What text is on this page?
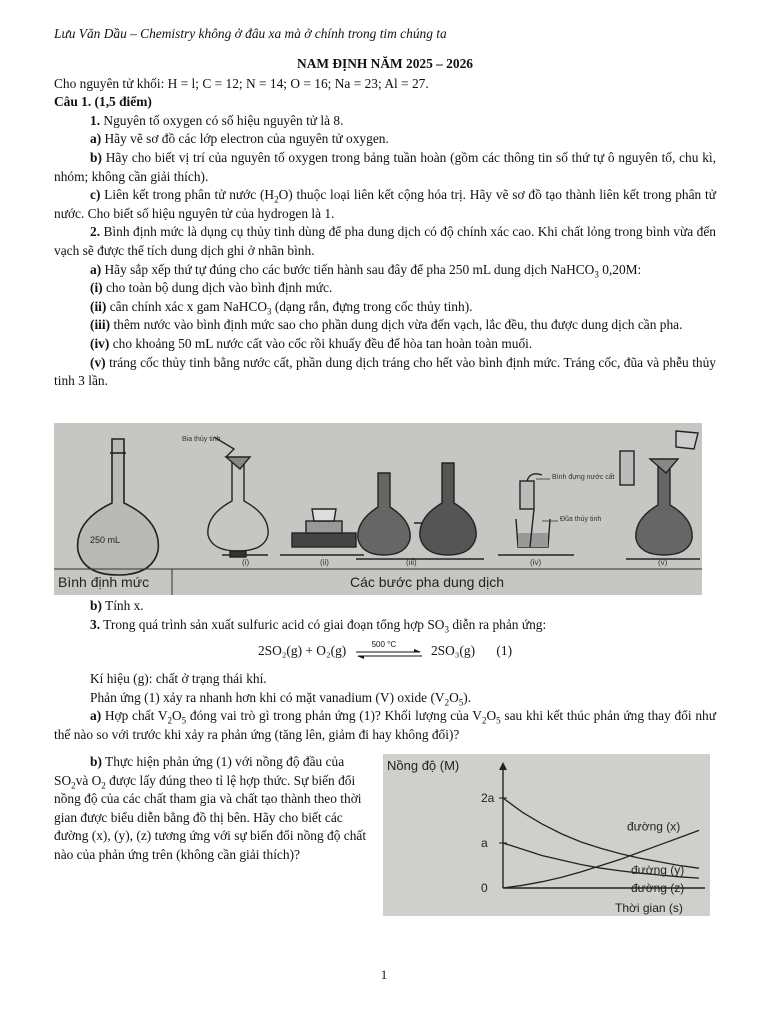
Lưu Văn Dầu – Chemistry không ở đâu xa mà ở chính trong tim chúng ta

NAM ĐỊNH NĂM 2025 – 2026

Cho nguyên tử khối: H = l; C = 12; N = 14; O = 16; Na = 23; Al = 27.

Câu 1. (1,5 điểm)

1. Nguyên tố oxygen có số hiệu nguyên tử là 8.

a) Hãy vẽ sơ đồ các lớp electron của nguyên tử oxygen.

b) Hãy cho biết vị trí của nguyên tố oxygen trong bảng tuần hoàn (gồm các thông tin số thứ tự ô nguyên tố, chu kì, nhóm; không cần giải thích).

c) Liên kết trong phân tử nước $(H_2O)$ thuộc loại liên kết cộng hóa trị. Hãy vẽ sơ đồ tạo thành liên kết trong phân tử nước. Cho biết số hiệu nguyên tử của hydrogen là 1.

2. Bình định mức là dụng cụ thủy tinh dùng để pha dung dịch có độ chính xác cao. Khi chất lỏng trong bình vừa đến vạch sẽ được thể tích dung dịch ghi ở nhãn bình.

a) Hãy sắp xếp thứ tự đúng cho các bước tiến hành sau đây để pha 250 mL dung dịch NaHCO$_3$ 0,20M:

(i) cho toàn bộ dung dịch vào bình định mức.

(ii) cân chính xác x gam NaHCO$_3$ (dạng rắn, đựng trong cốc thủy tinh).

(iii) thêm nước vào bình định mức sao cho phần dung dịch vừa đến vạch, lắc đều, thu được dung dịch cần pha.

(iv) cho khoảng 50 mL nước cất vào cốc rồi khuấy đều để hòa tan hoàn toàn muối.

(v) tráng cốc thủy tinh bằng nước cất, phần dung dịch tráng cho hết vào bình định mức. Tráng cốc, đũa và phễu thủy tinh 3 lần.

250 mL
Bia thủy tinh
Bình đựng nước cất
Đũa thủy tinh
(i)	(ii)	(iii)	(iv)	(v)
Bình định mức	Các bước pha dung dịch

b) Tính x.

3. Trong quá trình sản xuất sulfuric acid có giai đoạn tổng hợp $SO_3$ diễn ra phản ứng:

2SO₂(g) + O₂(g)	500 °C	2SO₃(g) (1)

Kí hiệu (g): chất ở trạng thái khí.

Phản ứng (1) xảy ra nhanh hơn khi có mặt vanadium (V) oxide $(V_2O_5)$.

a) Hợp chất $V_2O_5$ đóng vai trò gì trong phản ứng (1)? Khối lượng của $V_2O_5$ sau khi kết thúc phản ứng thay đổi như thế nào so với trước khi xảy ra phản ứng (tăng lên, giảm đi hay không đổi)?

b) Thực hiện phản ứng (1) với nồng độ đầu của $SO_2và$ $O_2$ được lấy đúng theo tỉ lệ hợp thức. Sự biến đổi nồng độ của các chất tham gia và chất tạo thành theo thời gian được biểu diễn bằng đồ thị bên. Hãy cho biết các đường (x), (y), (z) tương ứng với sự biến đổi nồng độ chất nào của phản ứng trên (không cần giải thích)?

Nồng độ (M)
Thời gian (s)
2a
a
0
đường (x)
đường (y)
đường (z)
1
